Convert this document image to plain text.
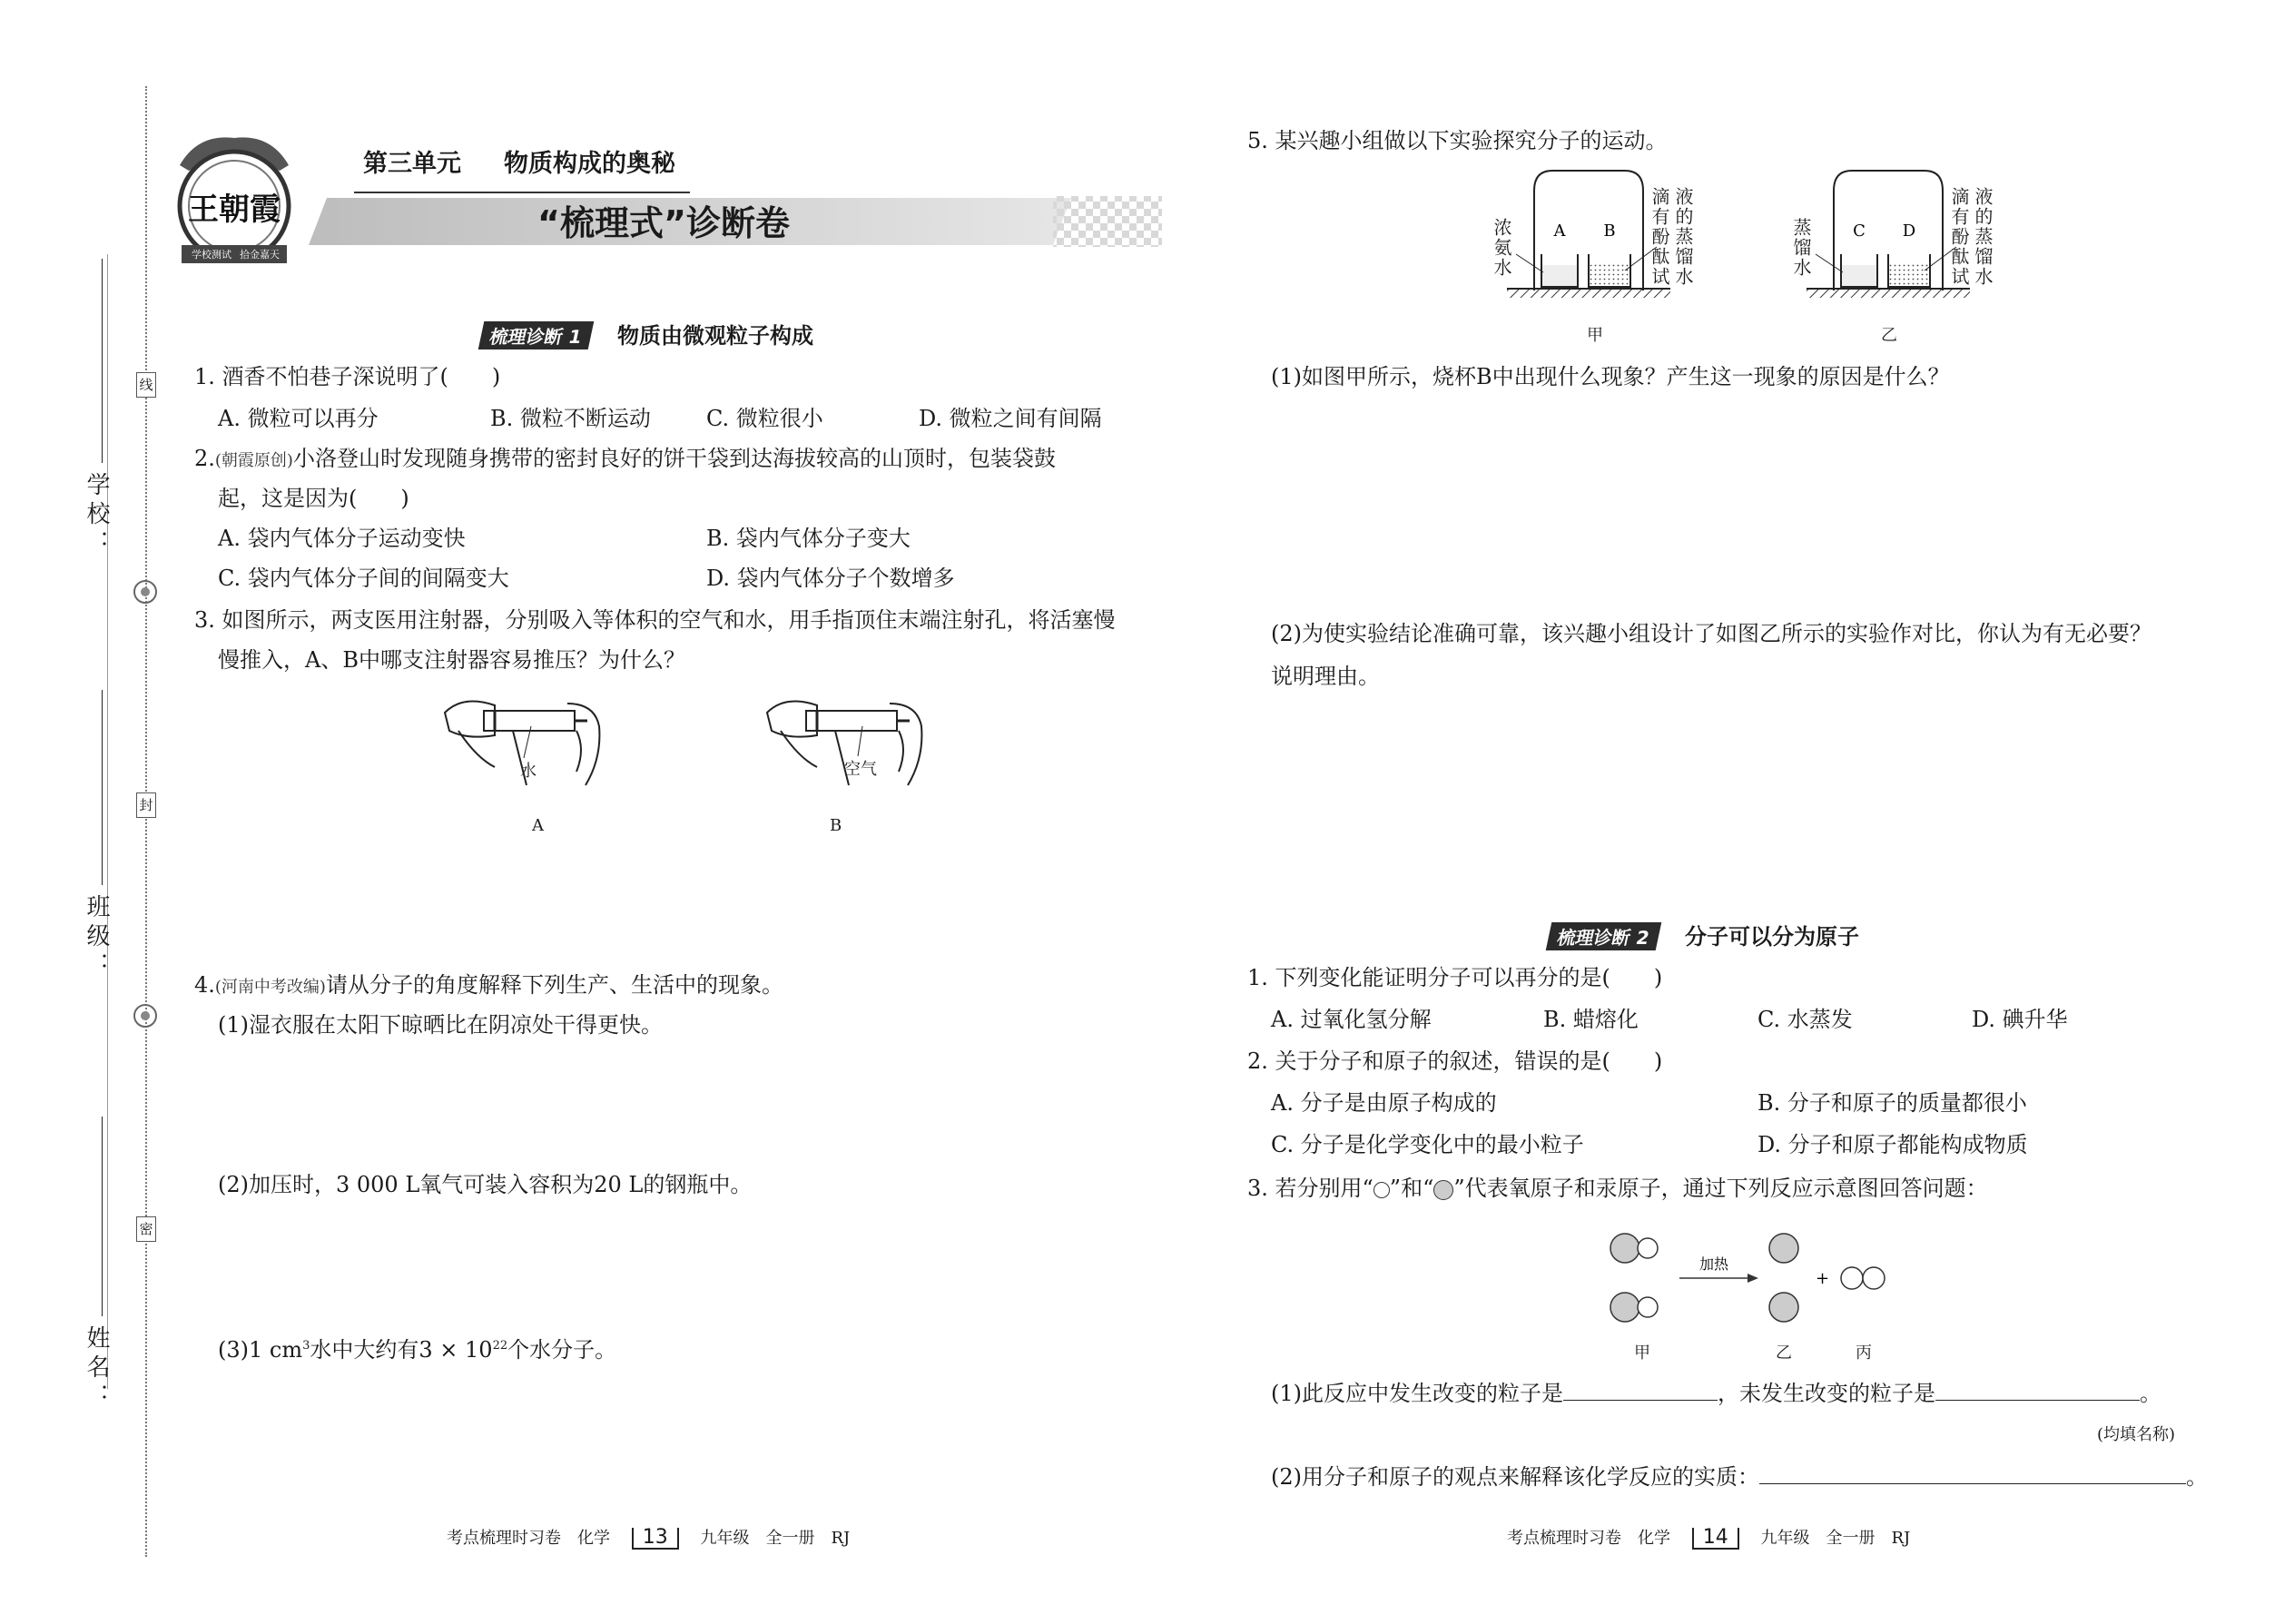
学校：
班级：
姓名：
线
封
密
王朝霞
学校测试 拾金嘉天
第三单元 物质构成的奥秘
“梳理式”诊断卷
梳理诊断 1 物质由微观粒子构成
1. 酒香不怕巷子深说明了(　　)
A. 微粒可以再分	B. 微粒不断运动	C. 微粒很小	D. 微粒之间有间隔
2.(朝霞原创)小洛登山时发现随身携带的密封良好的饼干袋到达海拔较高的山顶时，包装袋鼓
起，这是因为(　　)
A. 袋内气体分子运动变快	B. 袋内气体分子变大
C. 袋内气体分子间的间隔变大	D. 袋内气体分子个数增多
3. 如图所示，两支医用注射器，分别吸入等体积的空气和水，用手指顶住末端注射孔，将活塞慢
慢推入，A、B中哪支注射器容易推压？为什么？
水
A
空气
B
4.(河南中考改编)请从分子的角度解释下列生产、生活中的现象。
(1)湿衣服在太阳下晾晒比在阴凉处干得更快。
(2)加压时，3 000 L氧气可装入容积为20 L的钢瓶中。
(3)1 $cm^3$水中大约有$3 \times 10^{22}$个水分子。
考点梳理时习卷　化学 13 九年级　全一册　RJ
5. 某兴趣小组做以下实验探究分子的运动。
A B
浓氨水	滴有酚酞试 液的蒸馏水
甲
C D
蒸馏水	滴有酚酞试 液的蒸馏水
乙
(1)如图甲所示，烧杯B中出现什么现象？产生这一现象的原因是什么？
(2)为使实验结论准确可靠，该兴趣小组设计了如图乙所示的实验作对比，你认为有无必要？
说明理由。
梳理诊断 2 分子可以分为原子
1. 下列变化能证明分子可以再分的是(　　)
A. 过氧化氢分解	B. 蜡熔化	C. 水蒸发	D. 碘升华
2. 关于分子和原子的叙述，错误的是(　　)
A. 分子是由原子构成的	B. 分子和原子的质量都很小
C. 分子是化学变化中的最小粒子	D. 分子和原子都能构成物质
3. 若分别用“ ”和“ ”代表氧原子和汞原子，通过下列反应示意图回答问题：
加热
+
甲	乙	丙
(1)此反应中发生改变的粒子是	，未发生改变的粒子是	。
(均填名称)
(2)用分子和原子的观点来解释该化学反应的实质：	。
考点梳理时习卷　化学 14 九年级　全一册　RJ
